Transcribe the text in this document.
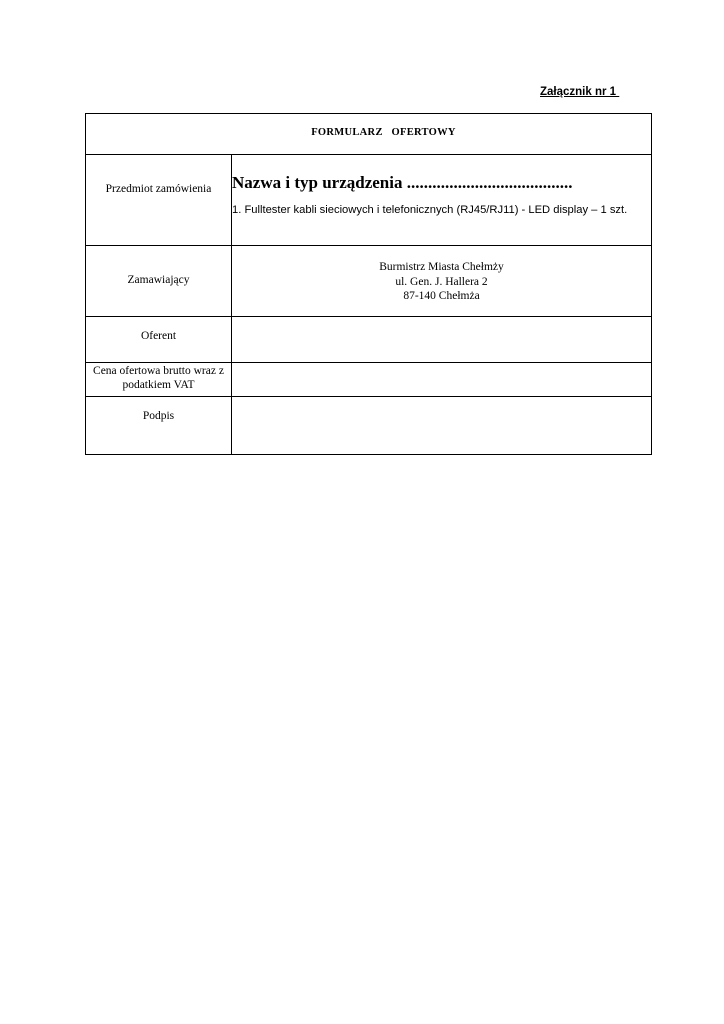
Załącznik nr 1
FORMULARZ   OFERTOWY	

Przedmiot zamówienia	Nazwa i typ urządzenia .......................................
1. Fulltester kabli sieciowych i telefonicznych (RJ45/RJ11) - LED display – 1 szt.

Zamawiający	Burmistrz Miasta Chełmży
ul. Gen. J. Hallera 2
87-140 Chełmża

Oferent	

Cena ofertowa brutto wraz z podatkiem VAT	

Podpis	
